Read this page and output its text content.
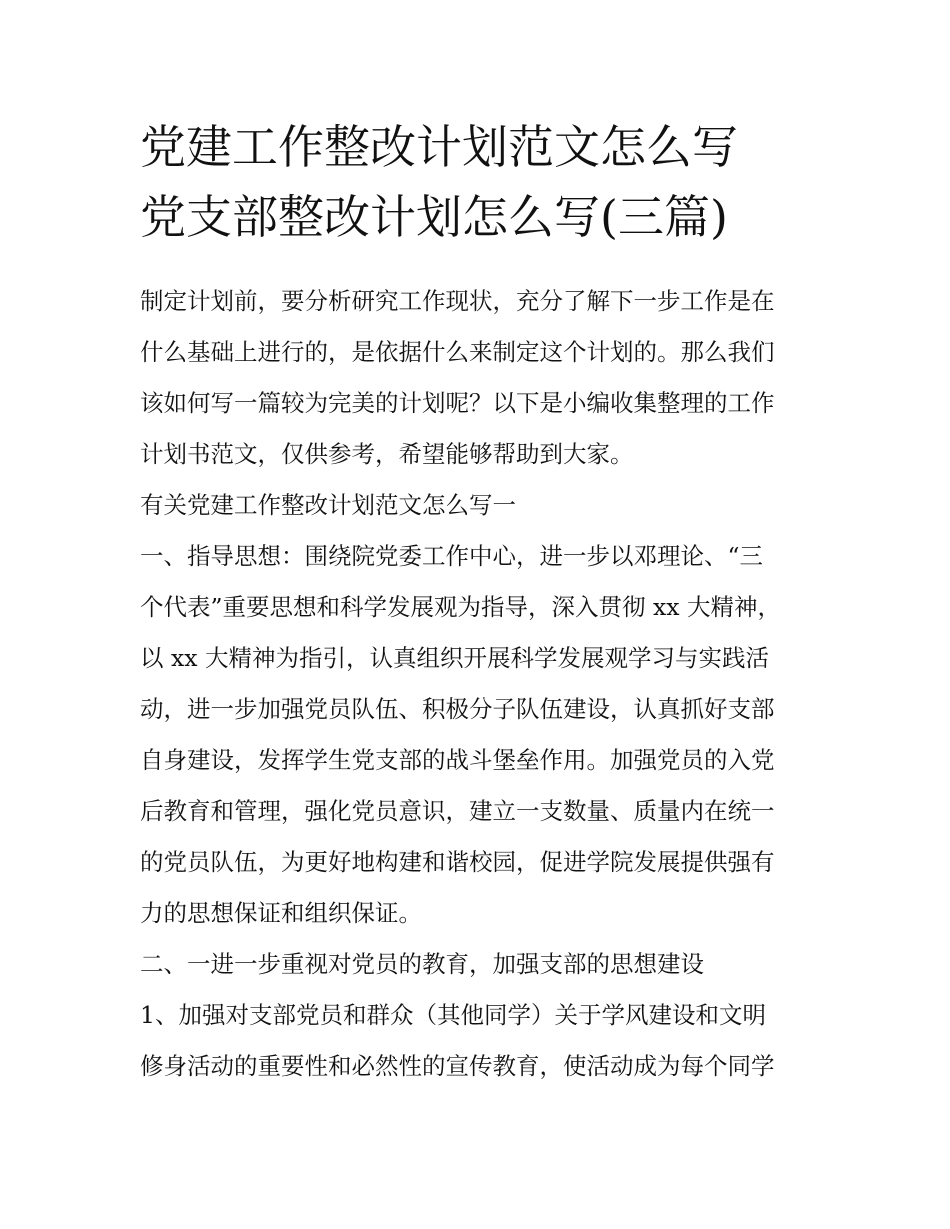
党建工作整改计划范文怎么写
党支部整改计划怎么写(三篇)
制定计划前，要分析研究工作现状，充分了解下一步工作是在
什么基础上进行的，是依据什么来制定这个计划的。那么我们
该如何写一篇较为完美的计划呢？以下是小编收集整理的工作
计划书范文，仅供参考，希望能够帮助到大家。
有关党建工作整改计划范文怎么写一
一、指导思想：围绕院党委工作中心，进一步以邓理论、“三
个代表”重要思想和科学发展观为指导，深入贯彻 xx 大精神，
以 xx 大精神为指引，认真组织开展科学发展观学习与实践活
动，进一步加强党员队伍、积极分子队伍建设，认真抓好支部
自身建设，发挥学生党支部的战斗堡垒作用。加强党员的入党
后教育和管理，强化党员意识，建立一支数量、质量内在统一
的党员队伍，为更好地构建和谐校园，促进学院发展提供强有
力的思想保证和组织保证。
二、一进一步重视对党员的教育，加强支部的思想建设
1、加强对支部党员和群众（其他同学）关于学风建设和文明
修身活动的重要性和必然性的宣传教育，使活动成为每个同学
